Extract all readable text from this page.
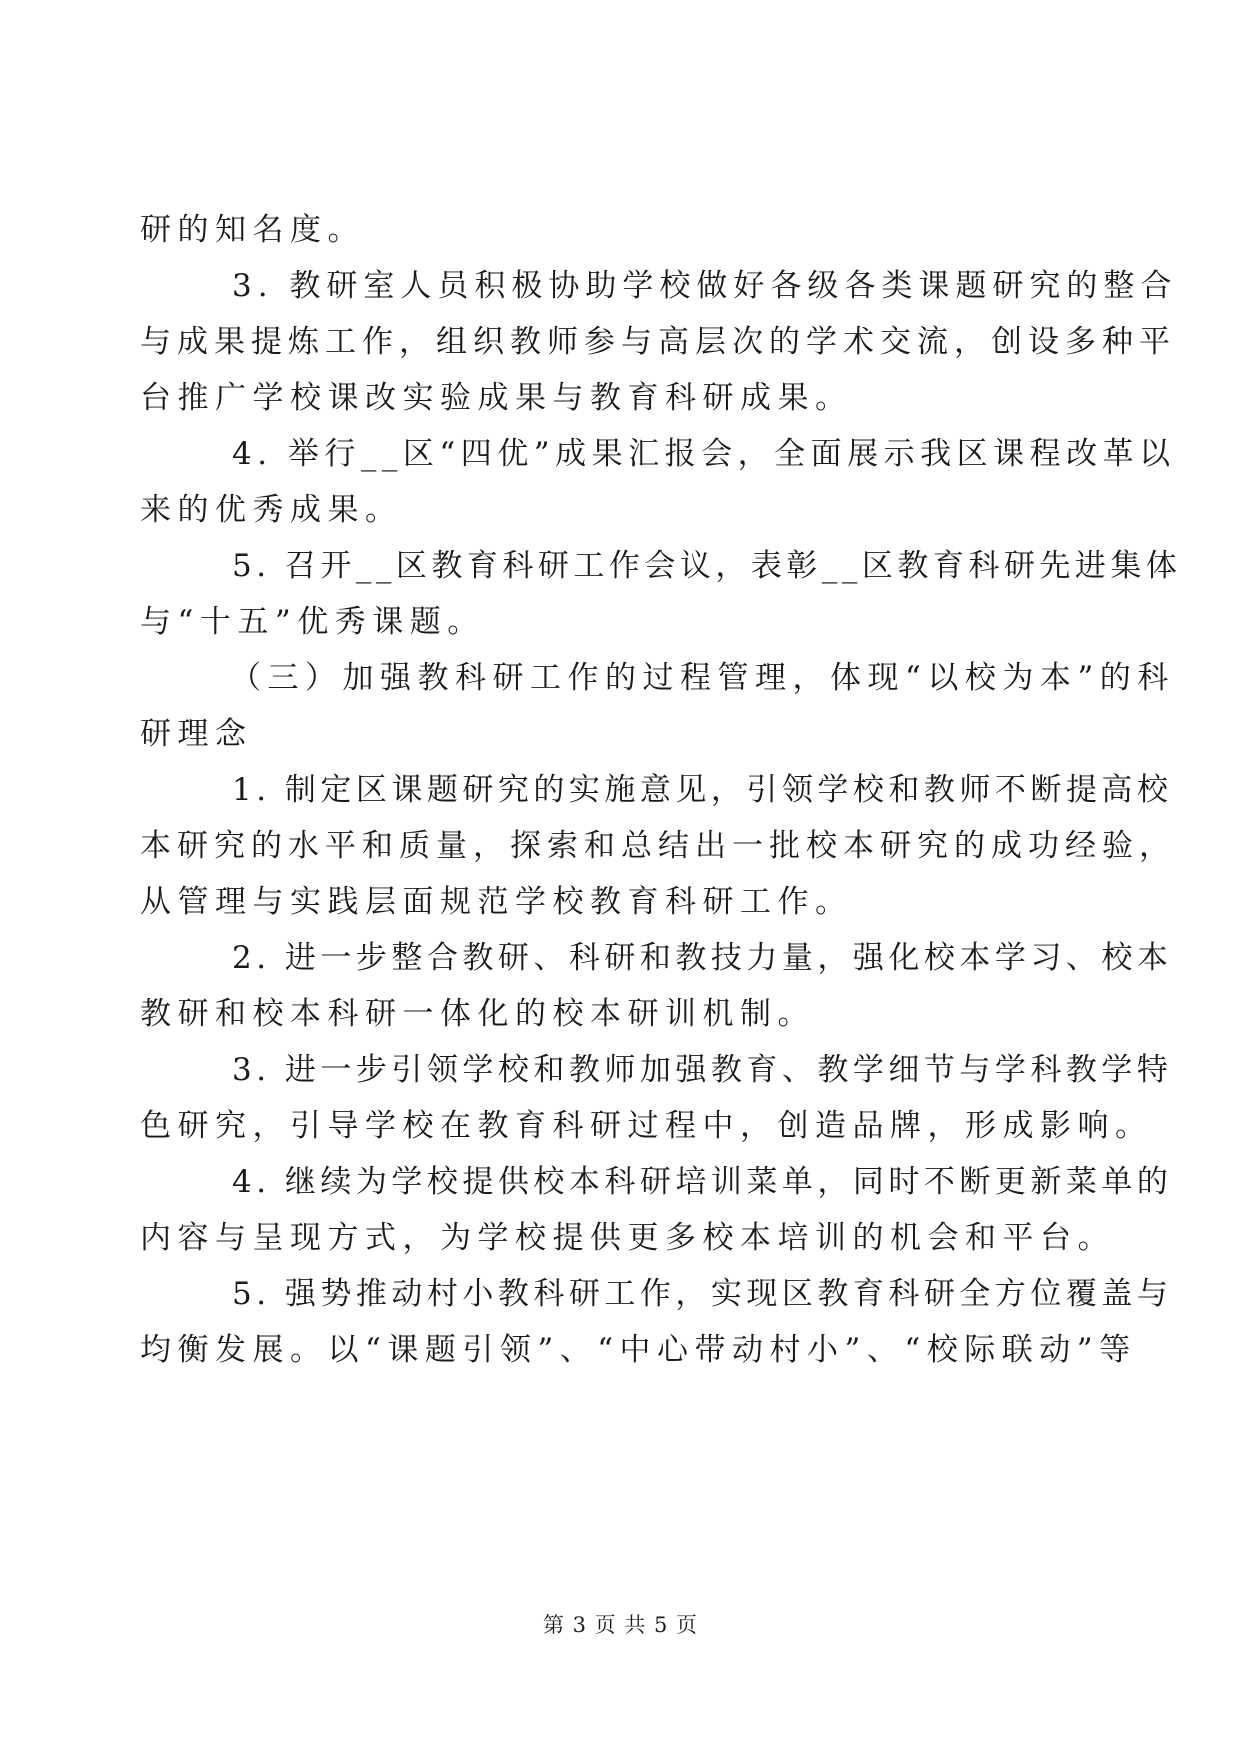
研的知名度。
3. 教研室人员积极协助学校做好各级各类课题研究的整合
与成果提炼工作，组织教师参与高层次的学术交流，创设多种平
台推广学校课改实验成果与教育科研成果。
4. 举行__区“四优”成果汇报会，全面展示我区课程改革以
来的优秀成果。
5. 召开__区教育科研工作会议，表彰__区教育科研先进集体
与“十五”优秀课题。
（三）加强教科研工作的过程管理，体现“以校为本”的科
研理念
1. 制定区课题研究的实施意见，引领学校和教师不断提高校
本研究的水平和质量，探索和总结出一批校本研究的成功经验，
从管理与实践层面规范学校教育科研工作。
2. 进一步整合教研、科研和教技力量，强化校本学习、校本
教研和校本科研一体化的校本研训机制。
3. 进一步引领学校和教师加强教育、教学细节与学科教学特
色研究，引导学校在教育科研过程中，创造品牌，形成影响。
4. 继续为学校提供校本科研培训菜单，同时不断更新菜单的
内容与呈现方式，为学校提供更多校本培训的机会和平台。
5. 强势推动村小教科研工作，实现区教育科研全方位覆盖与
均衡发展。以“课题引领”、“中心带动村小”、“校际联动”等
第 3 页 共 5 页
